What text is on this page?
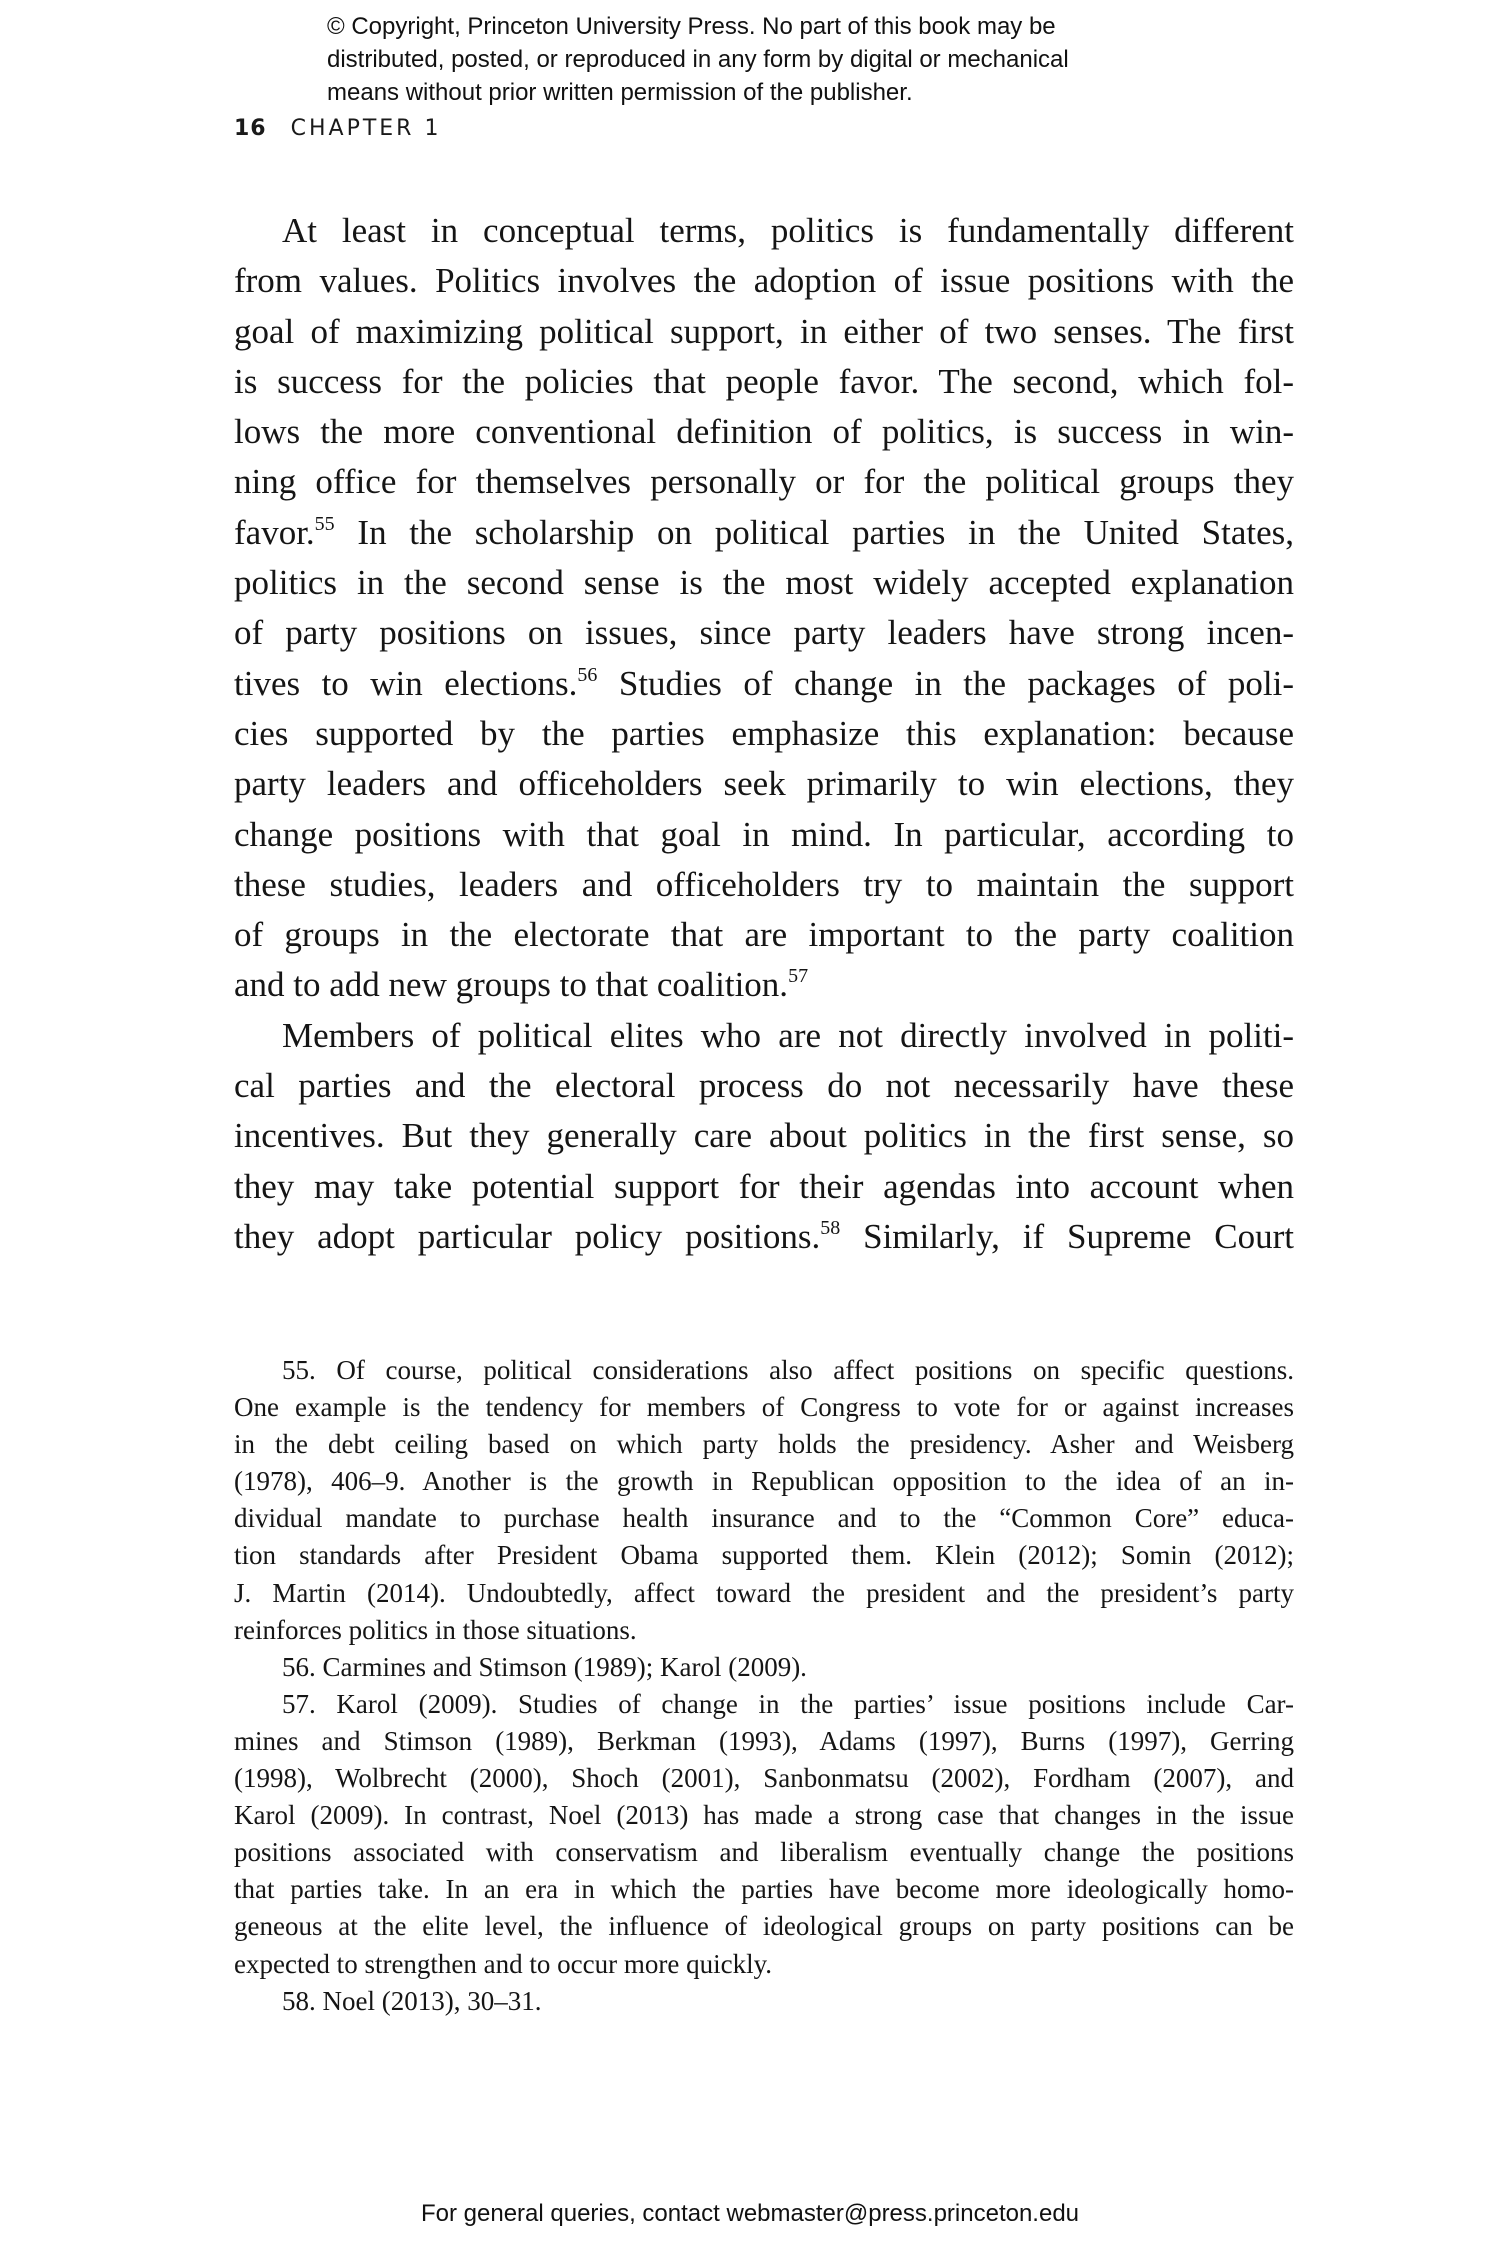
© Copyright, Princeton University Press. No part of this book may be
distributed, posted, or reproduced in any form by digital or mechanical
means without prior written permission of the publisher.
16 CHAPTER 1
At least in conceptual terms, politics is fundamentally different
from values. Politics involves the adoption of issue positions with the
goal of maximizing political support, in either of two senses. The first
is success for the policies that people favor. The second, which fol-
lows the more conventional definition of politics, is success in win-
ning office for themselves personally or for the political groups they
favor.$^{55}$ In the scholarship on political parties in the United States,
politics in the second sense is the most widely accepted explanation
of party positions on issues, since party leaders have strong incen-
tives to win elections.$^{56}$ Studies of change in the packages of poli-
cies supported by the parties emphasize this explanation: because
party leaders and officeholders seek primarily to win elections, they
change positions with that goal in mind. In particular, according to
these studies, leaders and officeholders try to maintain the support
of groups in the electorate that are important to the party coalition
and to add new groups to that coalition.$^{57}$
Members of political elites who are not directly involved in politi-
cal parties and the electoral process do not necessarily have these
incentives. But they generally care about politics in the first sense, so
they may take potential support for their agendas into account when
they adopt particular policy positions.$^{58}$ Similarly, if Supreme Court
55. Of course, political considerations also affect positions on specific questions.
One example is the tendency for members of Congress to vote for or against increases
in the debt ceiling based on which party holds the presidency. Asher and Weisberg
(1978), 406–9. Another is the growth in Republican opposition to the idea of an in-
dividual mandate to purchase health insurance and to the “Common Core” educa-
tion standards after President Obama supported them. Klein (2012); Somin (2012);
J. Martin (2014). Undoubtedly, affect toward the president and the president’s party
reinforces politics in those situations.
56. Carmines and Stimson (1989); Karol (2009).
57. Karol (2009). Studies of change in the parties’ issue positions include Car-
mines and Stimson (1989), Berkman (1993), Adams (1997), Burns (1997), Gerring
(1998), Wolbrecht (2000), Shoch (2001), Sanbonmatsu (2002), Fordham (2007), and
Karol (2009). In contrast, Noel (2013) has made a strong case that changes in the issue
positions associated with conservatism and liberalism eventually change the positions
that parties take. In an era in which the parties have become more ideologically homo-
geneous at the elite level, the influence of ideological groups on party positions can be
expected to strengthen and to occur more quickly.
58. Noel (2013), 30–31.
For general queries, contact webmaster@press.princeton.edu
